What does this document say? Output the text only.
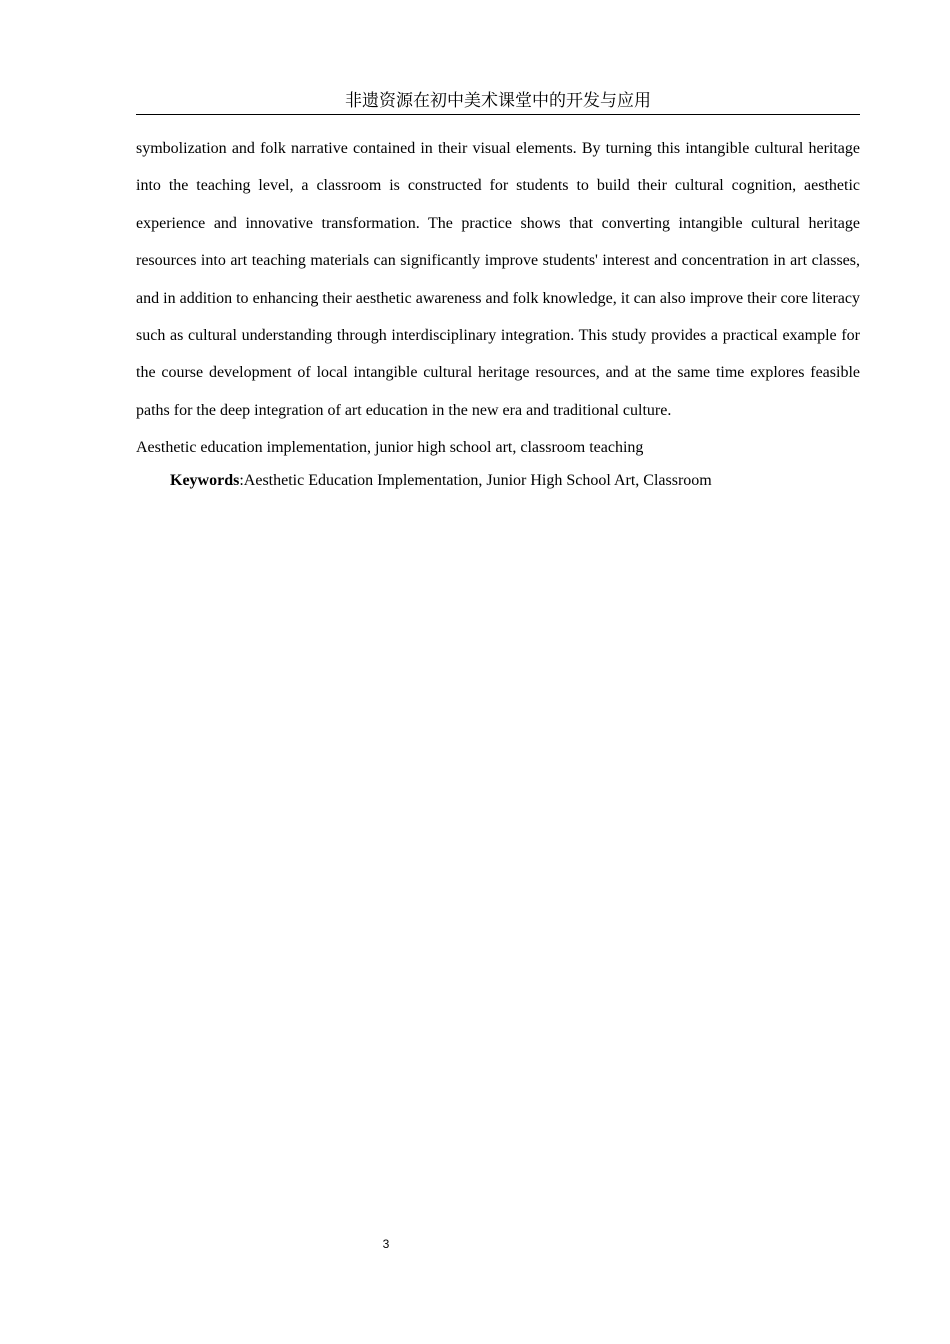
非遗资源在初中美术课堂中的开发与应用

symbolization and folk narrative contained in their visual elements. By turning this intangible cultural heritage into the teaching level, a classroom is constructed for students to build their cultural cognition, aesthetic experience and innovative transformation. The practice shows that converting intangible cultural heritage resources into art teaching materials can significantly improve students' interest and concentration in art classes, and in addition to enhancing their aesthetic awareness and folk knowledge, it can also improve their core literacy such as cultural understanding through interdisciplinary integration. This study provides a practical example for the course development of local intangible cultural heritage resources, and at the same time explores feasible paths for the deep integration of art education in the new era and traditional culture.

Aesthetic education implementation, junior high school art, classroom teaching

Keywords:Aesthetic Education Implementation, Junior High School Art, Classroom
3
